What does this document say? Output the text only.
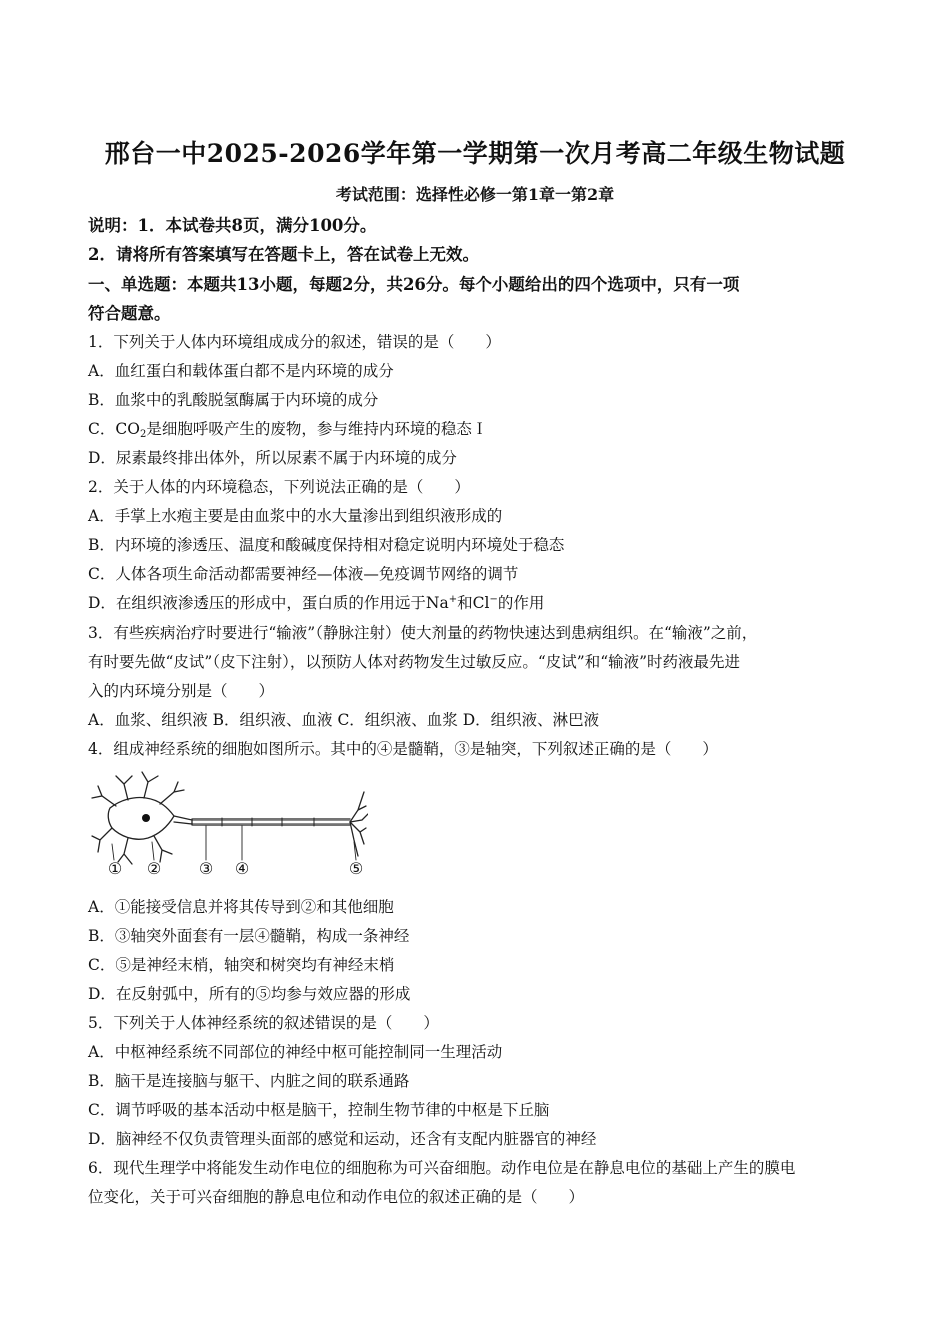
邢台一中2025-2026学年第一学期第一次月考高二年级生物试题
考试范围：选择性必修一第1章一第2章
说明：1．本试卷共8页，满分100分。
2．请将所有答案填写在答题卡上，答在试卷上无效。
一、单选题：本题共13小题，每题2分，共26分。每个小题给出的四个选项中，只有一项
符合题意。
1．下列关于人体内环境组成成分的叙述，错误的是（　　）
A．血红蛋白和载体蛋白都不是内环境的成分
B．血浆中的乳酸脱氢酶属于内环境的成分
C．$CO_2$是细胞呼吸产生的废物，参与维持内环境的稳态Ｉ
D．尿素最终排出体外，所以尿素不属于内环境的成分
2．关于人体的内环境稳态，下列说法正确的是（　　）
A．手掌上水疱主要是由血浆中的水大量渗出到组织液形成的
B．内环境的渗透压、温度和酸碱度保持相对稳定说明内环境处于稳态
C．人体各项生命活动都需要神经—体液—免疫调节网络的调节
D．在组织液渗透压的形成中，蛋白质的作用远于Na+和Cl−的作用
3．有些疾病治疗时要进行“输液”（静脉注射）使大剂量的药物快速达到患病组织。在“输液”之前，
有时要先做“皮试”（皮下注射），以预防人体对药物发生过敏反应。“皮试”和“输液”时药液最先进
入的内环境分别是（　　）
A．血浆、组织液 B．组织液、血液 C．组织液、血浆 D．组织液、淋巴液
4．组成神经系统的细胞如图所示。其中的④是髓鞘，③是轴突，下列叙述正确的是（　　）
① ② ③ ④	⑤
A．①能接受信息并将其传导到②和其他细胞
B．③轴突外面套有一层④髓鞘，构成一条神经
C．⑤是神经末梢，轴突和树突均有神经末梢
D．在反射弧中，所有的⑤均参与效应器的形成
5．下列关于人体神经系统的叙述错误的是（　　）
A．中枢神经系统不同部位的神经中枢可能控制同一生理活动
B．脑干是连接脑与躯干、内脏之间的联系通路
C．调节呼吸的基本活动中枢是脑干，控制生物节律的中枢是下丘脑
D．脑神经不仅负责管理头面部的感觉和运动，还含有支配内脏器官的神经
6．现代生理学中将能发生动作电位的细胞称为可兴奋细胞。动作电位是在静息电位的基础上产生的膜电
位变化，关于可兴奋细胞的静息电位和动作电位的叙述正确的是（　　）
